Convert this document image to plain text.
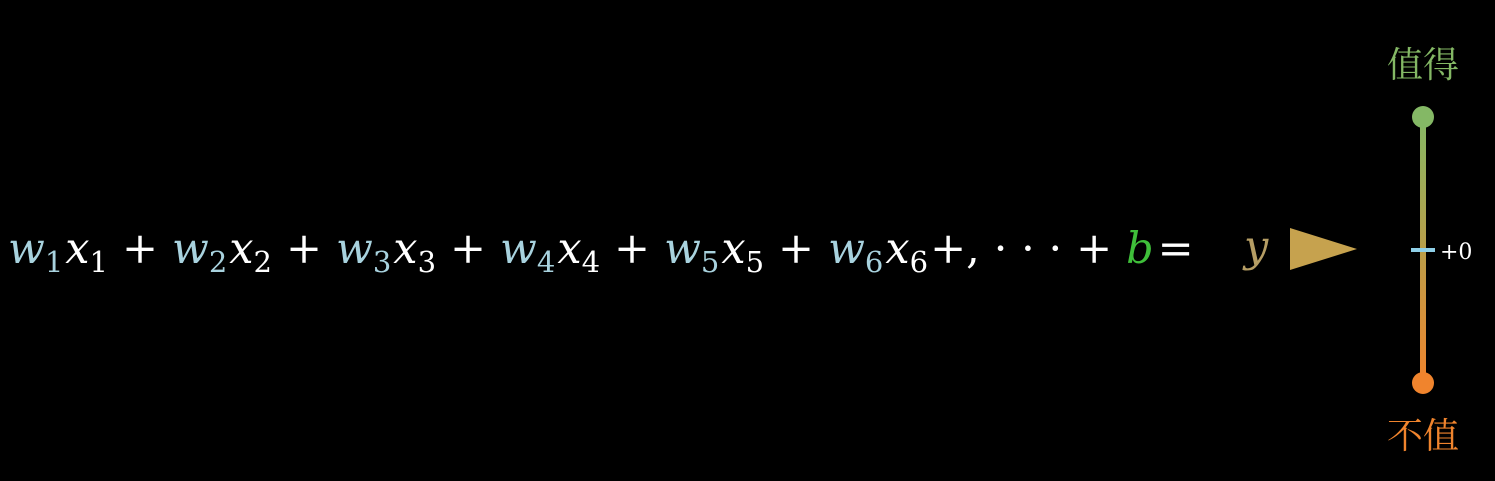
$w_1x_1 + w_2x_2 + w_3x_3 + w_4x_4 + w_5x_5 + w_6x_6+$, · · · + b= y
值得
+0
不值
